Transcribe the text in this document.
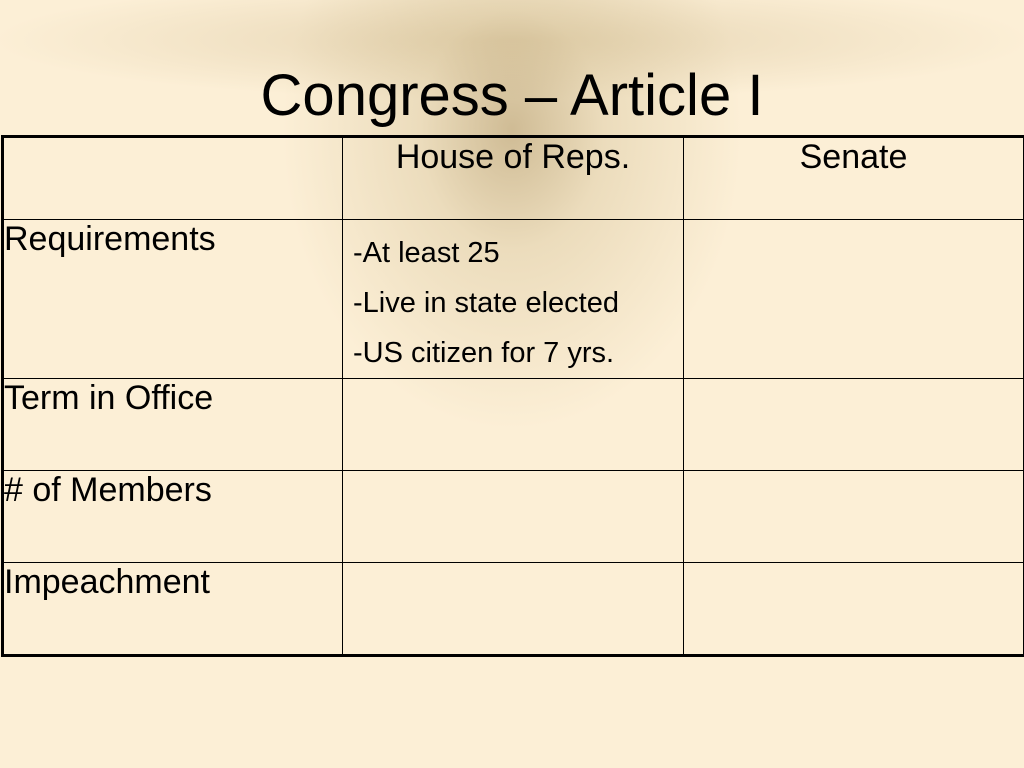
Congress – Article I
	House of Reps.	Senate
Requirements	-At least 25
-Live in state elected
-US citizen for 7 yrs.	

Term in Office		
# of Members		
Impeachment		
